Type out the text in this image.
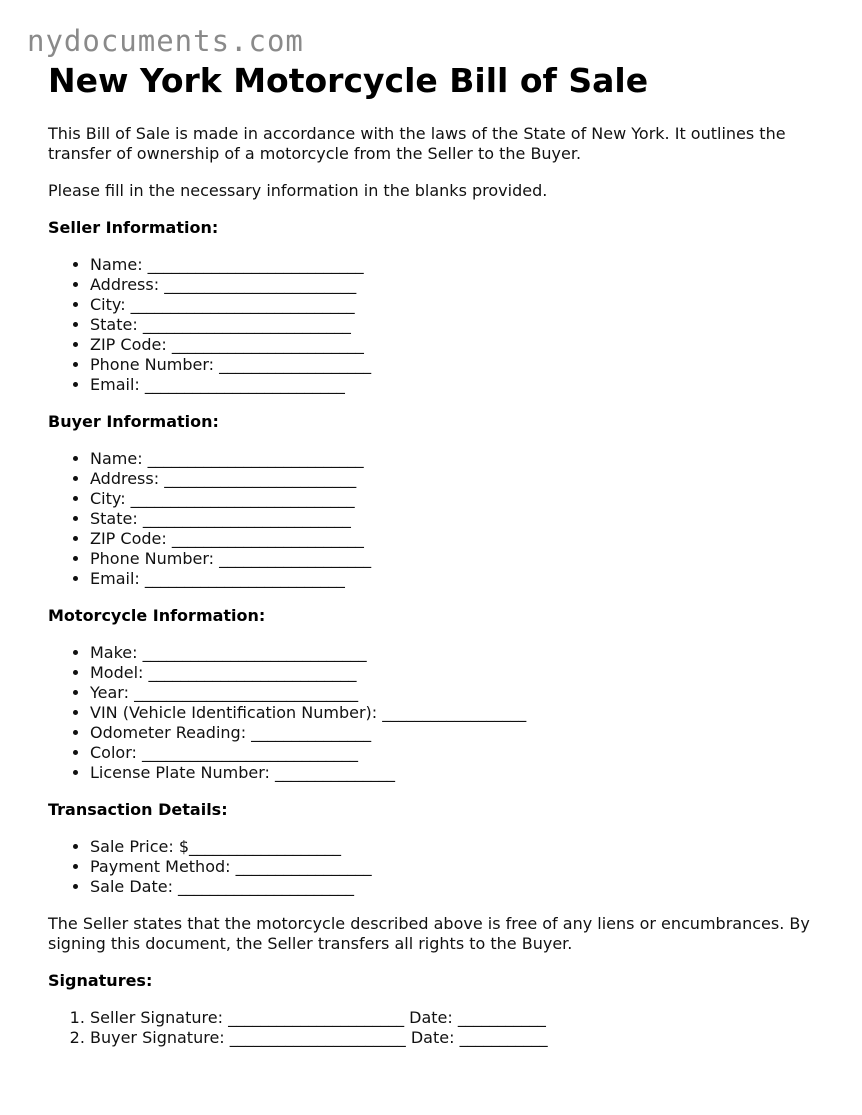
nydocuments.com
New York Motorcycle Bill of Sale

This Bill of Sale is made in accordance with the laws of the State of New York. It outlines the transfer of ownership of a motorcycle from the Seller to the Buyer.

Please fill in the necessary information in the blanks provided.

Seller Information:
• Name: ___________________________
• Address: ________________________
• City: ____________________________
• State: __________________________
• ZIP Code: ________________________
• Phone Number: ___________________
• Email: _________________________
Buyer Information:
• Name: ___________________________
• Address: ________________________
• City: ____________________________
• State: __________________________
• ZIP Code: ________________________
• Phone Number: ___________________
• Email: _________________________
Motorcycle Information:
• Make: ____________________________
• Model: __________________________
• Year: ____________________________
• VIN (Vehicle Identification Number): __________________
• Odometer Reading: _______________
• Color: ___________________________
• License Plate Number: _______________
Transaction Details:
• Sale Price: $___________________
• Payment Method: _________________
• Sale Date: ______________________

The Seller states that the motorcycle described above is free of any liens or encumbrances. By signing this document, the Seller transfers all rights to the Buyer.

Signatures:
1. Seller Signature: ______________________ Date: ___________
2. Buyer Signature: ______________________ Date: ___________
